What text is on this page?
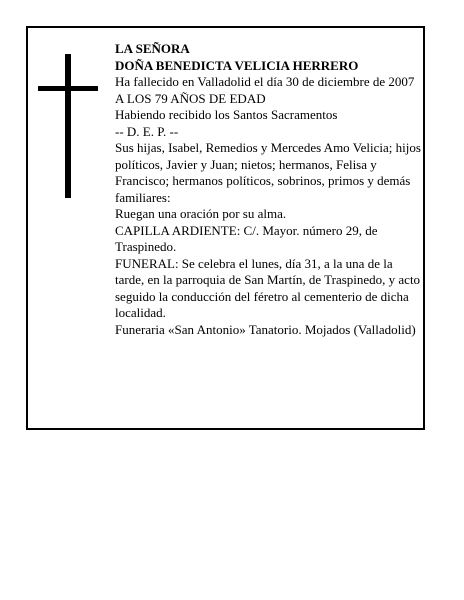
LA SEÑORA

DOÑA BENEDICTA VELICIA HERRERO

Ha fallecido en Valladolid el día 30 de diciembre de 2007

A LOS 79 AÑOS DE EDAD

Habiendo recibido los Santos Sacramentos

-- D. E. P. --

Sus hijas, Isabel, Remedios y Mercedes Amo Velicia; hijos políticos, Javier y Juan; nietos; hermanos, Felisa y Francisco; hermanos políticos, sobrinos, primos y demás familiares:

Ruegan una oración por su alma.

CAPILLA ARDIENTE: C/. Mayor. número 29, de Traspinedo.

FUNERAL: Se celebra el lunes, día 31, a la una de la tarde, en la parroquia de San Martín, de Traspinedo, y acto seguido la conducción del féretro al cementerio de dicha localidad.

Funeraria «San Antonio» Tanatorio. Mojados (Valladolid)
